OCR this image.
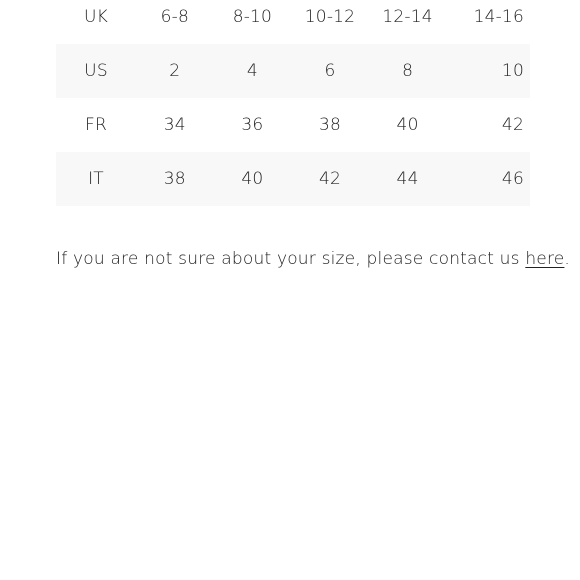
UK	6-8	8-10	10-12	12-14	14-16
US	2	4	6	8	10
FR	34	36	38	40	42
IT	38	40	42	44	46

If you are not sure about your size, please contact us here.
